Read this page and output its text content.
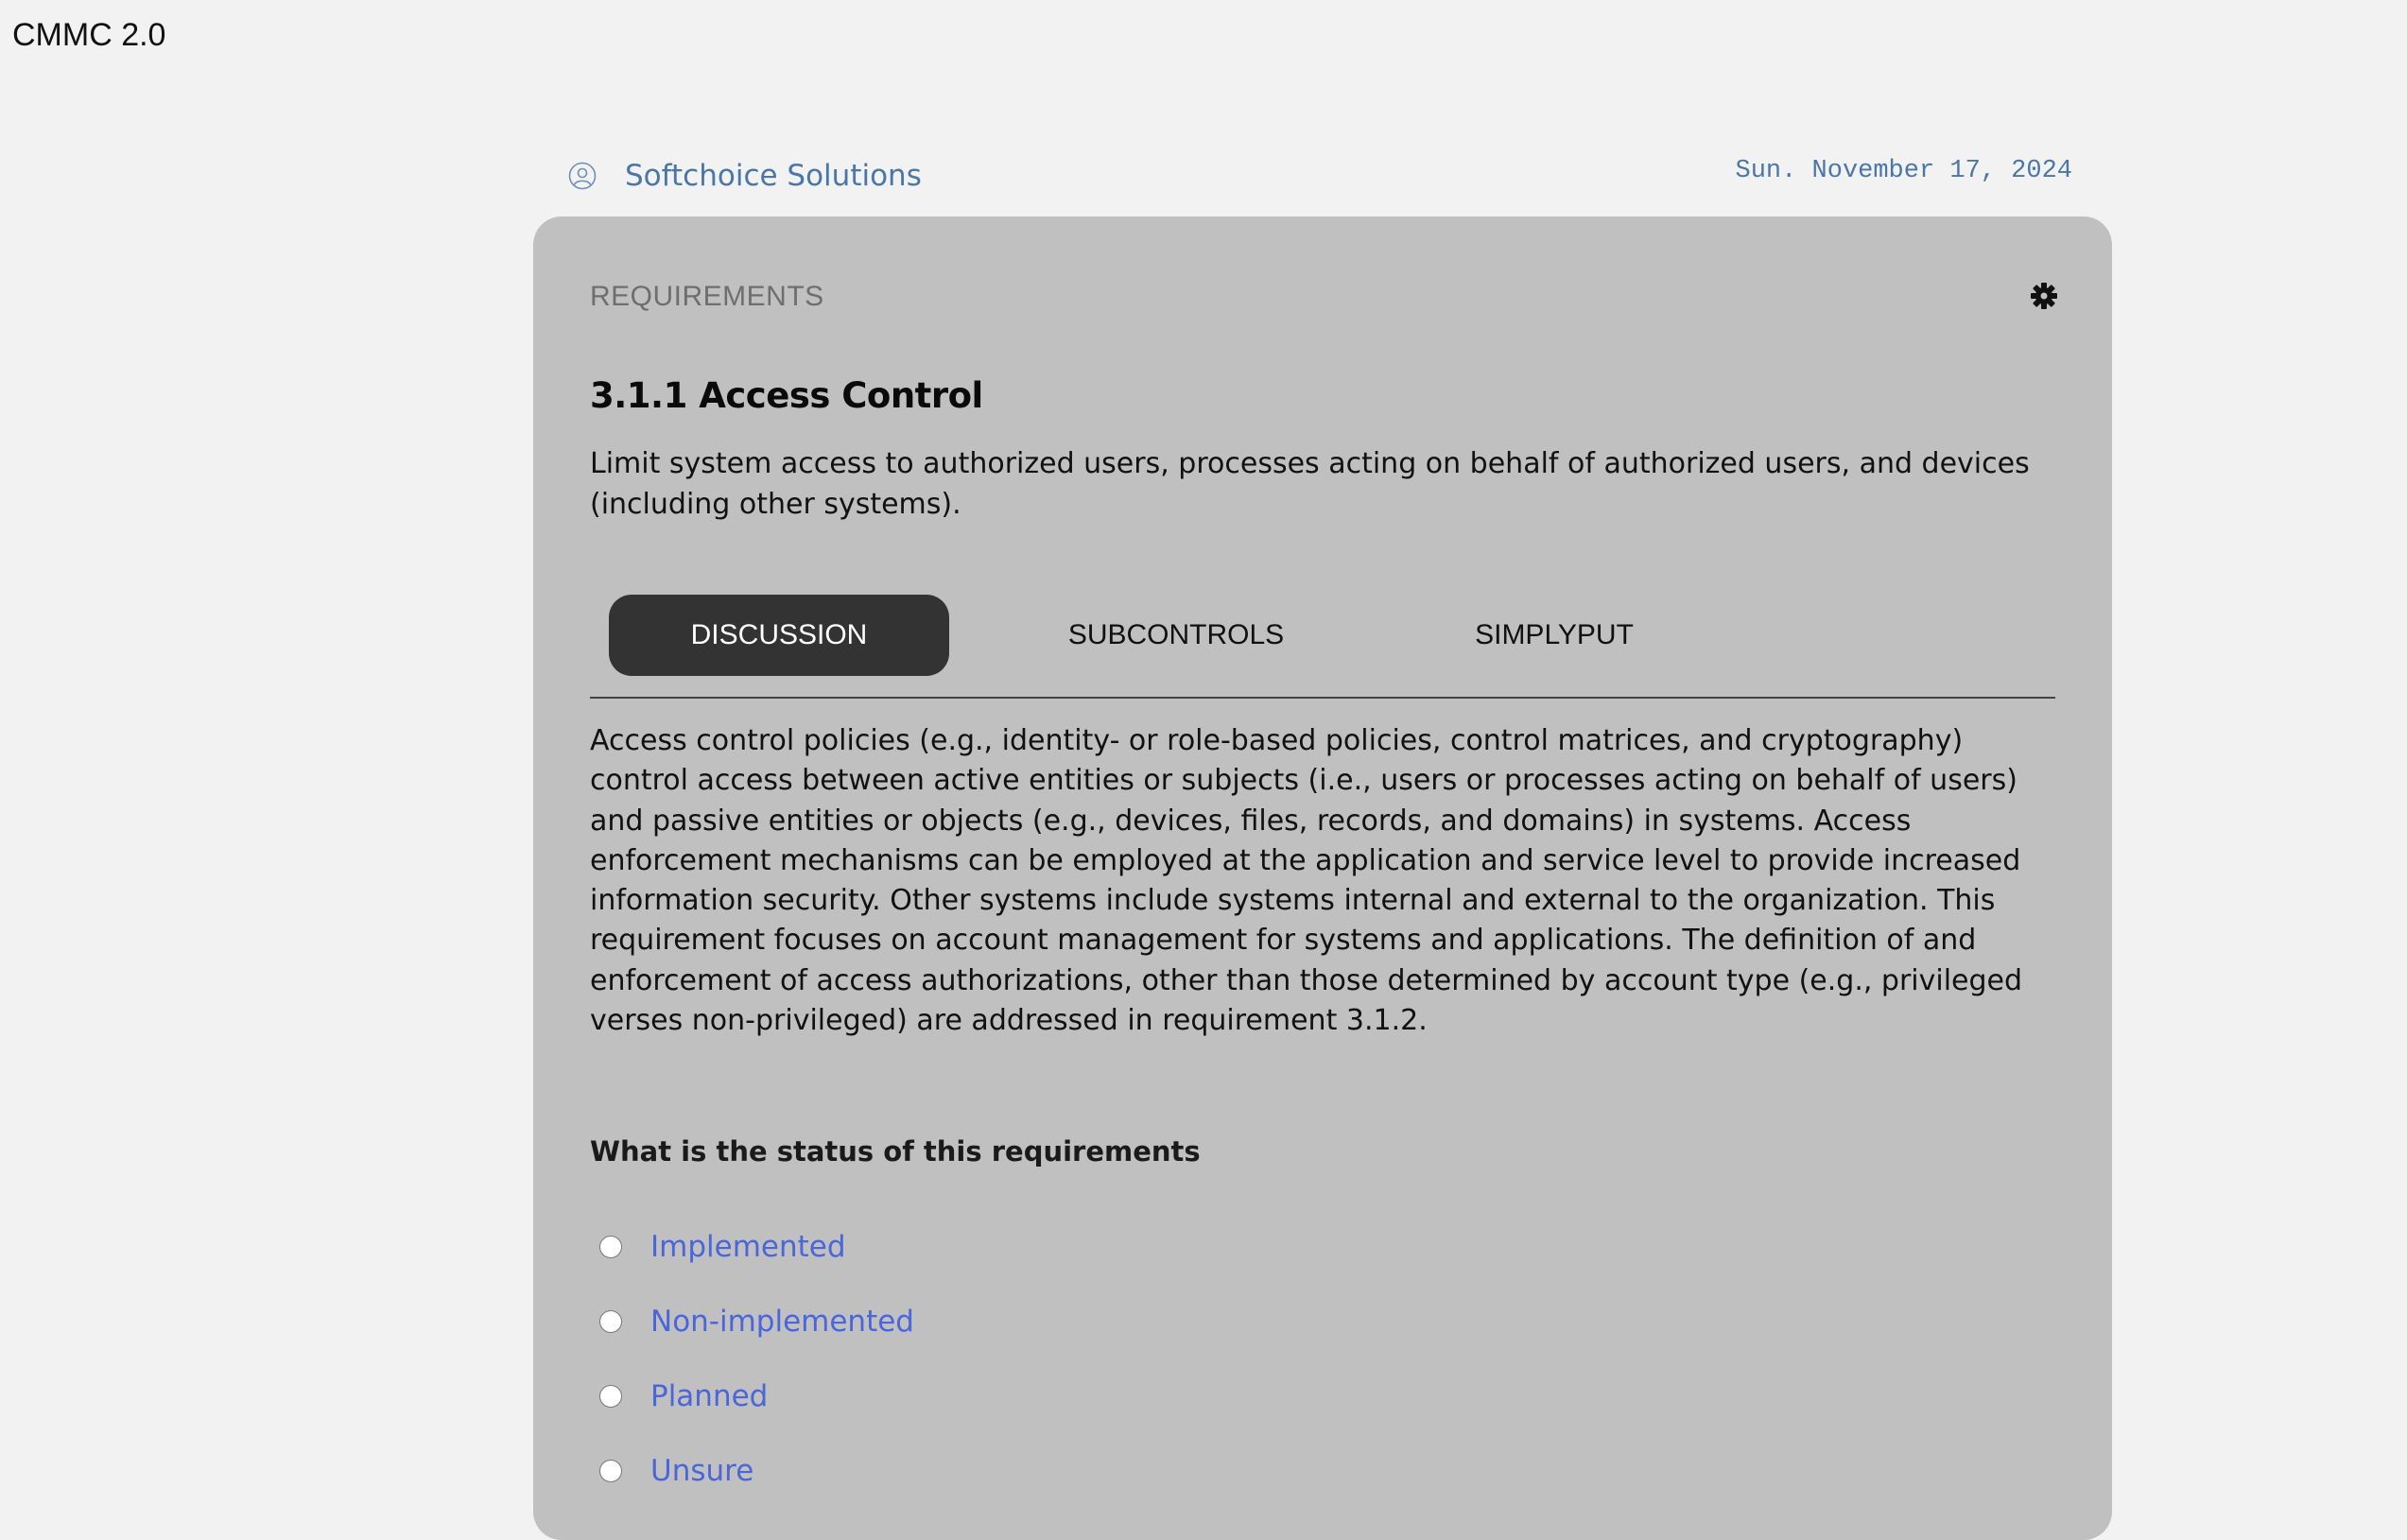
CMMC 2.0
Softchoice Solutions	Sun. November 17, 2024
REQUIREMENTS
3.1.1 Access Control
Limit system access to authorized users, processes acting on behalf of authorized users, and devices (including other systems).
DISCUSSION	SUBCONTROLS	SIMPLYPUT
Access control policies (e.g., identity- or role-based policies, control matrices, and cryptography) control access between active entities or subjects (i.e., users or processes acting on behalf of users) and passive entities or objects (e.g., devices, files, records, and domains) in systems. Access enforcement mechanisms can be employed at the application and service level to provide increased information security. Other systems include systems internal and external to the organization. This requirement focuses on account management for systems and applications. The definition of and enforcement of access authorizations, other than those determined by account type (e.g., privileged verses non-privileged) are addressed in requirement 3.1.2.
What is the status of this requirements
Implemented
Non-implemented
Planned
Unsure
